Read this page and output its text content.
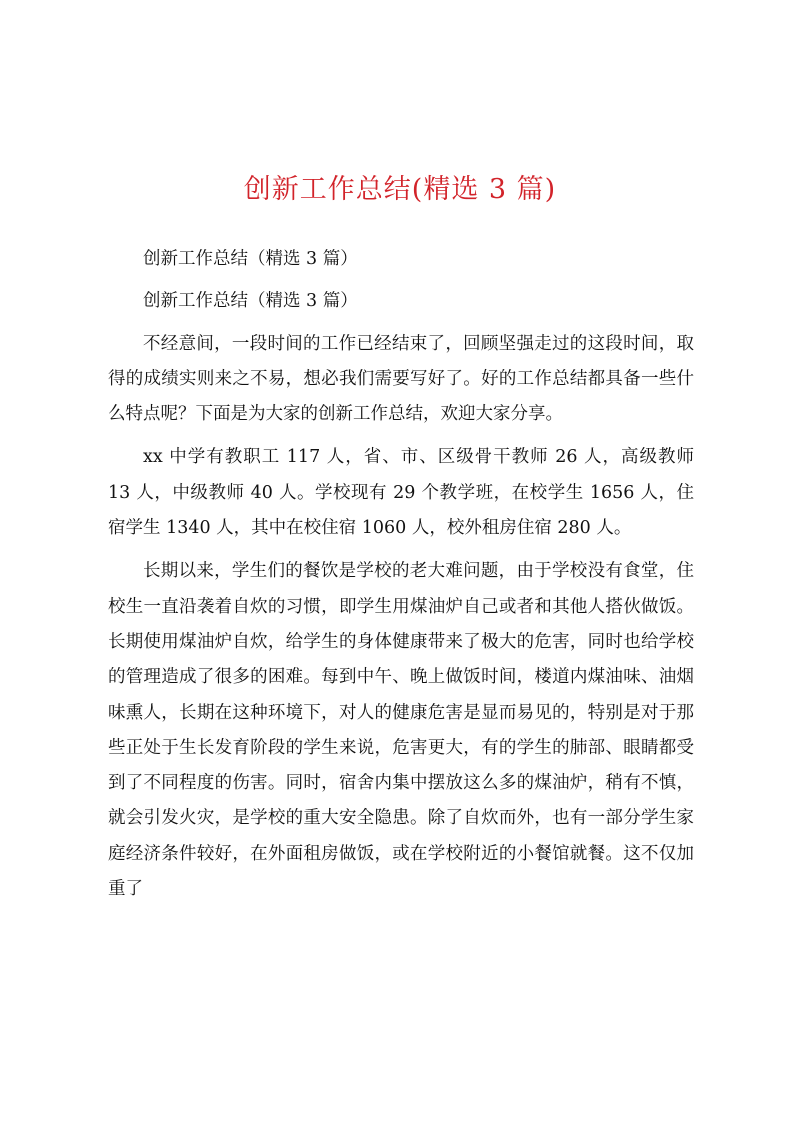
创新工作总结(精选 3 篇)

创新工作总结（精选 3 篇）

创新工作总结（精选 3 篇）

不经意间，一段时间的工作已经结束了，回顾坚强走过的这段时间，取得的成绩实则来之不易，想必我们需要写好了。好的工作总结都具备一些什么特点呢？下面是为大家的创新工作总结，欢迎大家分享。

xx 中学有教职工 117 人，省、市、区级骨干教师 26 人，高级教师 13 人，中级教师 40 人。学校现有 29 个教学班，在校学生 1656 人，住宿学生 1340 人，其中在校住宿 1060 人，校外租房住宿 280 人。

长期以来，学生们的餐饮是学校的老大难问题，由于学校没有食堂，住校生一直沿袭着自炊的习惯，即学生用煤油炉自己或者和其他人搭伙做饭。长期使用煤油炉自炊，给学生的身体健康带来了极大的危害，同时也给学校的管理造成了很多的困难。每到中午、晚上做饭时间，楼道内煤油味、油烟味熏人，长期在这种环境下，对人的健康危害是显而易见的，特别是对于那些正处于生长发育阶段的学生来说，危害更大，有的学生的肺部、眼睛都受到了不同程度的伤害。同时，宿舍内集中摆放这么多的煤油炉，稍有不慎，就会引发火灾，是学校的重大安全隐患。除了自炊而外，也有一部分学生家庭经济条件较好，在外面租房做饭，或在学校附近的小餐馆就餐。这不仅加重了
